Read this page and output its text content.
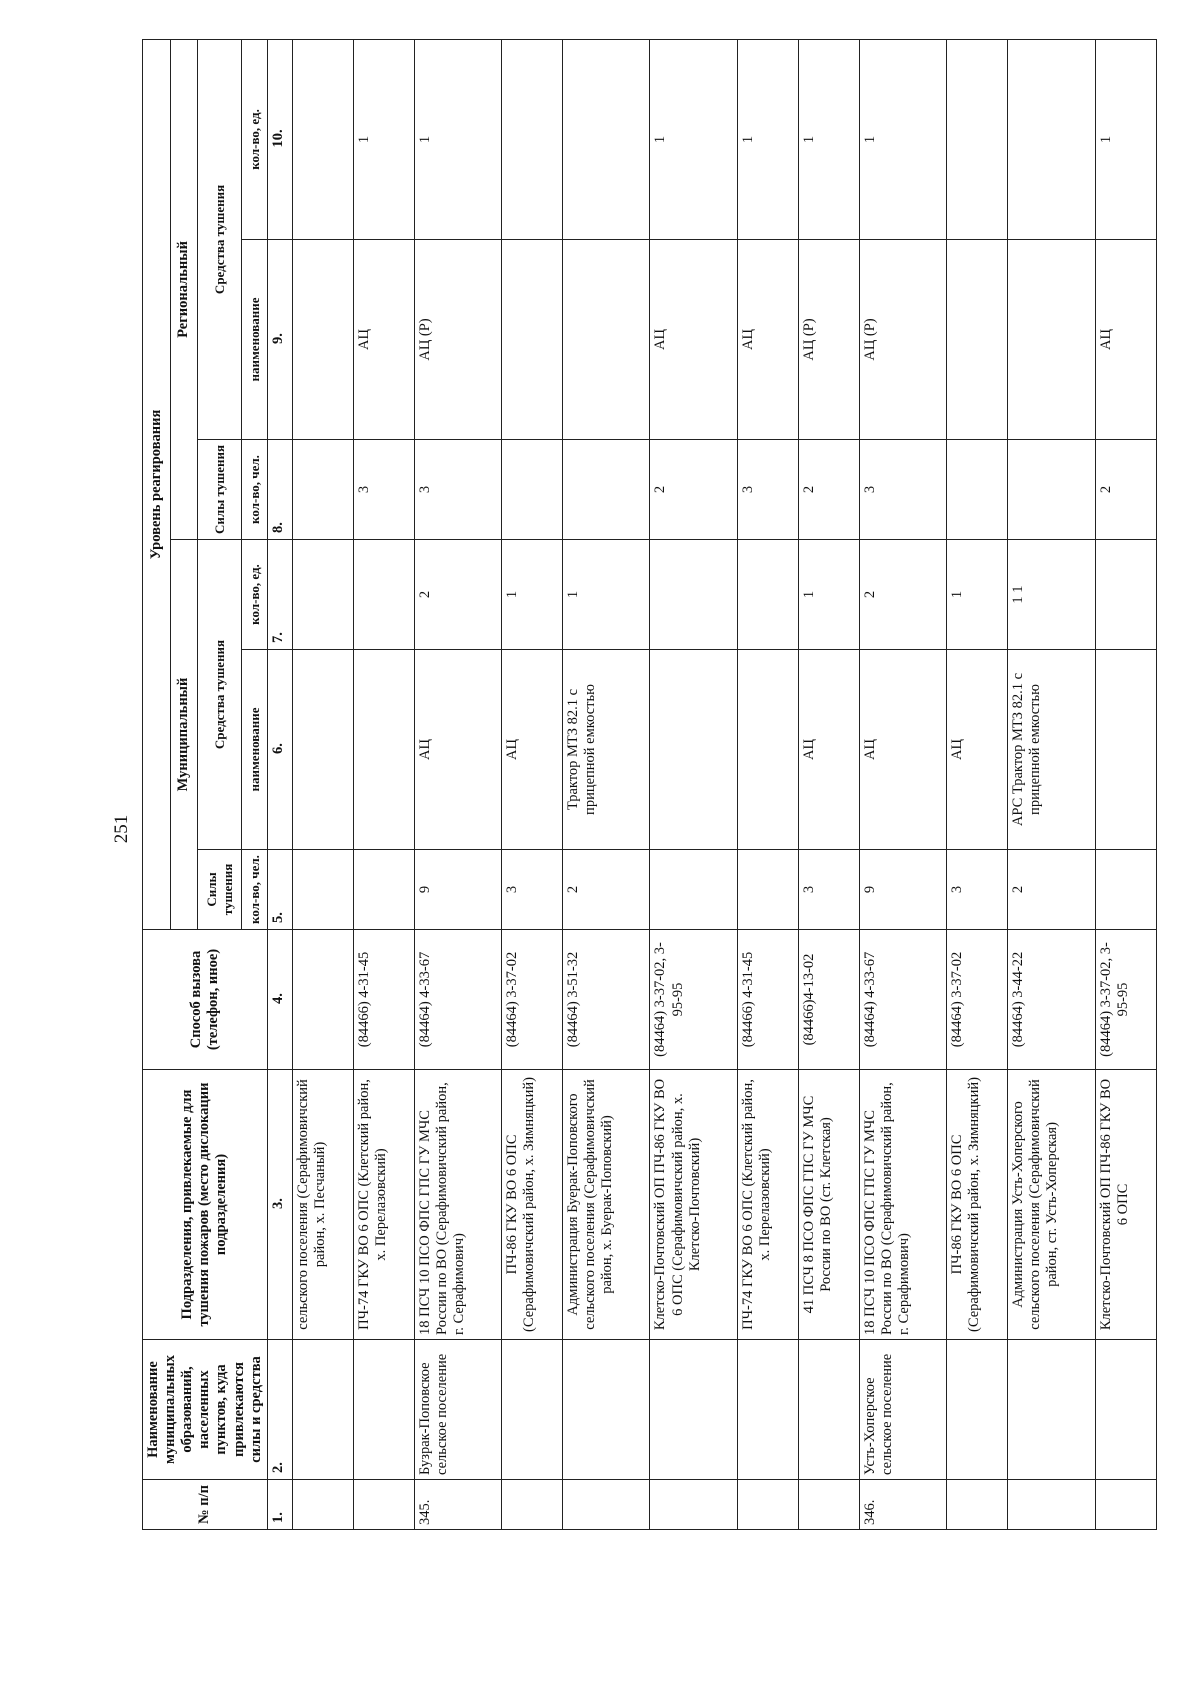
251
№ п/п	Наименование муниципальных образований, населенных пунктов, куда привлекаются силы и средства	Подразделения, привлекаемые для тушения пожаров (место дислокации подразделения)	Способ вызова (телефон, иное)	Уровень реагирования					
				Муниципальный			Региональный		
				Силы тушения	Средства тушения		Силы тушения	Средства тушения	
				кол-во, чел.	наименование	кол-во, ед.	кол-во, чел.	наименование	кол-во, ед.
1.	2.	3.	4.	5.	6.	7.	8.	9.	10.
		сельского поселения (Серафимовичский район, х. Песчаный)							
		ПЧ-74 ГКУ ВО 6 ОПС (Клетский район, х. Перелазовский)	(84466) 4-31-45				3	АЦ	1
345.	Бузрак-Поповское сельское поселение	18 ПСЧ 10 ПСО ФПС ГПС ГУ МЧС России по ВО (Серафимовичский район, г. Серафимович)	(84464) 4-33-67	9	АЦ	2	3	АЦ (Р)	1
		ПЧ-86 ГКУ ВО 6 ОПС (Серафимовичский район, х. Зимняцкий)	(84464) 3-37-02	3	АЦ	1			
		Администрация Буерак-Поповского сельского поселения (Серафимовичский район, х. Буерак-Поповский)	(84464) 3-51-32	2	Трактор МТЗ 82.1 с прицепной емкостью	1			
		Клетско-Почтовский ОП ПЧ-86 ГКУ ВО 6 ОПС (Серафимовичский район, х. Клетско-Почтовский)	(84464) 3-37-02, 3-95-95				2	АЦ	1
		ПЧ-74 ГКУ ВО 6 ОПС (Клетский район, х. Перелазовский)	(84466) 4-31-45				3	АЦ	1
		41 ПСЧ 8 ПСО ФПС ГПС ГУ МЧС России по ВО (ст. Клетская)	(84466)4-13-02	3	АЦ	1	2	АЦ (Р)	1
346.	Усть-Хоперское сельское поселение	18 ПСЧ 10 ПСО ФПС ГПС ГУ МЧС России по ВО (Серафимовичский район, г. Серафимович)	(84464) 4-33-67	9	АЦ	2	3	АЦ (Р)	1
		ПЧ-86 ГКУ ВО 6 ОПС (Серафимовичский район, х. Зимняцкий)	(84464) 3-37-02	3	АЦ	1			
		Администрация Усть-Хоперского сельского поселения (Серафимовичский район, ст. Усть-Хоперская)	(84464) 3-44-22	2	АРС Трактор МТЗ 82.1 с прицепной емкостью	1 1			
		Клетско-Почтовский ОП ПЧ-86 ГКУ ВО 6 ОПС	(84464) 3-37-02, 3-95-95				2	АЦ	1
